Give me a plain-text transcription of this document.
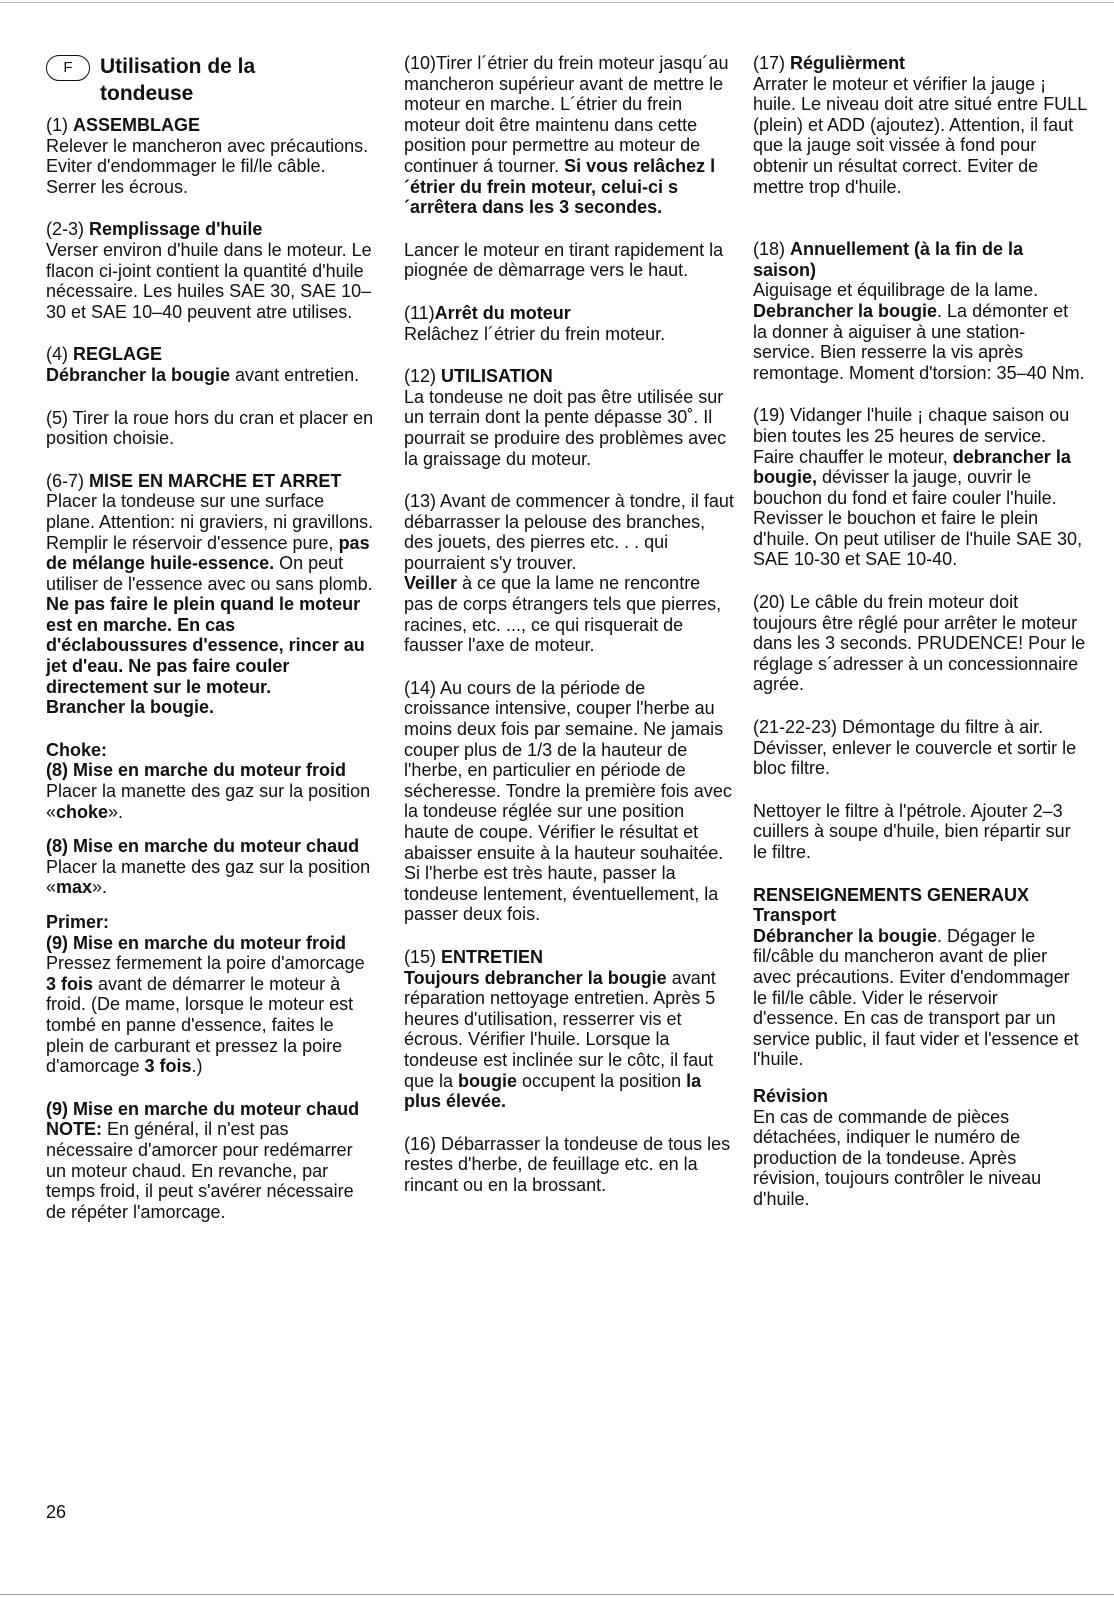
F	Utilisation de la
tondeuse
(1) ASSEMBLAGE
Relever le mancheron avec précautions. Eviter d'endommager le fil/le câble. Serrer les écrous.
(2-3) Remplissage d'huile
Verser environ d'huile dans le moteur. Le flacon ci-joint contient la quantité d'huile nécessaire. Les huiles SAE 30, SAE 10–30 et SAE 10–40 peuvent atre utilises.
(4) REGLAGE
Débrancher la bougie avant entretien.
(5) Tirer la roue hors du cran et placer en position choisie.
(6-7) MISE EN MARCHE ET ARRET
Placer la tondeuse sur une surface plane. Attention: ni graviers, ni gravillons. Remplir le réservoir d'essence pure, pas de mélange huile-essence. On peut utiliser de l'essence avec ou sans plomb. Ne pas faire le plein quand le moteur est en marche. En cas d'éclaboussures d'essence, rincer au jet d'eau. Ne pas faire couler directement sur le moteur.
Brancher la bougie.
Choke:
(8) Mise en marche du moteur froid
Placer la manette des gaz sur la position «choke».
(8) Mise en marche du moteur chaud
Placer la manette des gaz sur la position «max».
Primer:
(9) Mise en marche du moteur froid
Pressez fermement la poire d'amorcage 3 fois avant de démarrer le moteur à froid. (De mame, lorsque le moteur est tombé en panne d'essence, faites le plein de carburant et pressez la poire d'amorcage 3 fois.)
(9) Mise en marche du moteur chaud
NOTE: En général, il n'est pas nécessaire d'amorcer pour redémarrer un moteur chaud. En revanche, par temps froid, il peut s'avérer nécessaire de répéter l'amorcage.
(10)Tirer l´étrier du frein moteur jasqu´au mancheron supérieur avant de mettre le moteur en marche. L´étrier du frein moteur doit être maintenu dans cette position pour permettre au moteur de continuer á tourner. Si vous relâchez l´étrier du frein moteur, celui-ci s´arrêtera dans les 3 secondes.
Lancer le moteur en tirant rapidement la piognée de dèmarrage vers le haut.
(11)Arrêt du moteur
Relâchez l´étrier du frein moteur.
(12) UTILISATION
La tondeuse ne doit pas être utilisée sur un terrain dont la pente dépasse 30˚. Il pourrait se produire des problèmes avec la graissage du moteur.
(13) Avant de commencer à tondre, il faut débarrasser la pelouse des branches, des jouets, des pierres etc. . . qui pourraient s'y trouver.
Veiller à ce que la lame ne rencontre pas de corps étrangers tels que pierres, racines, etc. ..., ce qui risquerait de fausser l'axe de moteur.
(14) Au cours de la période de croissance intensive, couper l'herbe au moins deux fois par semaine. Ne jamais couper plus de 1/3 de la hauteur de l'herbe, en particulier en période de sécheresse. Tondre la première fois avec la tondeuse réglée sur une position haute de coupe. Vérifier le résultat et abaisser ensuite à la hauteur souhaitée. Si l'herbe est très haute, passer la tondeuse lentement, éventuellement, la passer deux fois.
(15) ENTRETIEN
Toujours debrancher la bougie avant réparation nettoyage entretien. Après 5 heures d'utilisation, resserrer vis et écrous. Vérifier l'huile. Lorsque la tondeuse est inclinée sur le côtc, il faut que la bougie occupent la position la plus élevée.
(16) Débarrasser la tondeuse de tous les restes d'herbe, de feuillage etc. en la rincant ou en la brossant.
(17) Régulièrment
Arrater le moteur et vérifier la jauge ¡ huile. Le niveau doit atre situé entre FULL (plein) et ADD (ajoutez). Attention, il faut que la jauge soit vissée à fond pour obtenir un résultat correct. Eviter de mettre trop d'huile.
(18) Annuellement (à la fin de la saison)
Aiguisage et équilibrage de la lame. Debrancher la bougie. La démonter et la donner à aiguiser à une station-service. Bien resserre la vis après remontage. Moment d'torsion: 35–40 Nm.
(19) Vidanger l'huile ¡ chaque saison ou bien toutes les 25 heures de service. Faire chauffer le moteur, debrancher la bougie, dévisser la jauge, ouvrir le bouchon du fond et faire couler l'huile. Revisser le bouchon et faire le plein d'huile. On peut utiliser de l'huile SAE 30, SAE 10-30 et SAE 10-40.
(20) Le câble du frein moteur doit toujours être rêglé pour arrêter le moteur dans les 3 seconds. PRUDENCE! Pour le réglage s´adresser à un concessionnaire agrée.
(21-22-23) Démontage du filtre à air. Dévisser, enlever le couvercle et sortir le bloc filtre.
Nettoyer le filtre à l'pétrole. Ajouter 2–3 cuillers à soupe d'huile, bien répartir sur le filtre.
RENSEIGNEMENTS GENERAUX
Transport
Débrancher la bougie. Dégager le fil/câble du mancheron avant de plier avec précautions. Eviter d'endommager le fil/le câble. Vider le réservoir d'essence. En cas de transport par un service public, il faut vider et l'essence et l'huile.
Révision
En cas de commande de pièces détachées, indiquer le numéro de production de la tondeuse. Après révision, toujours contrôler le niveau d'huile.
26
